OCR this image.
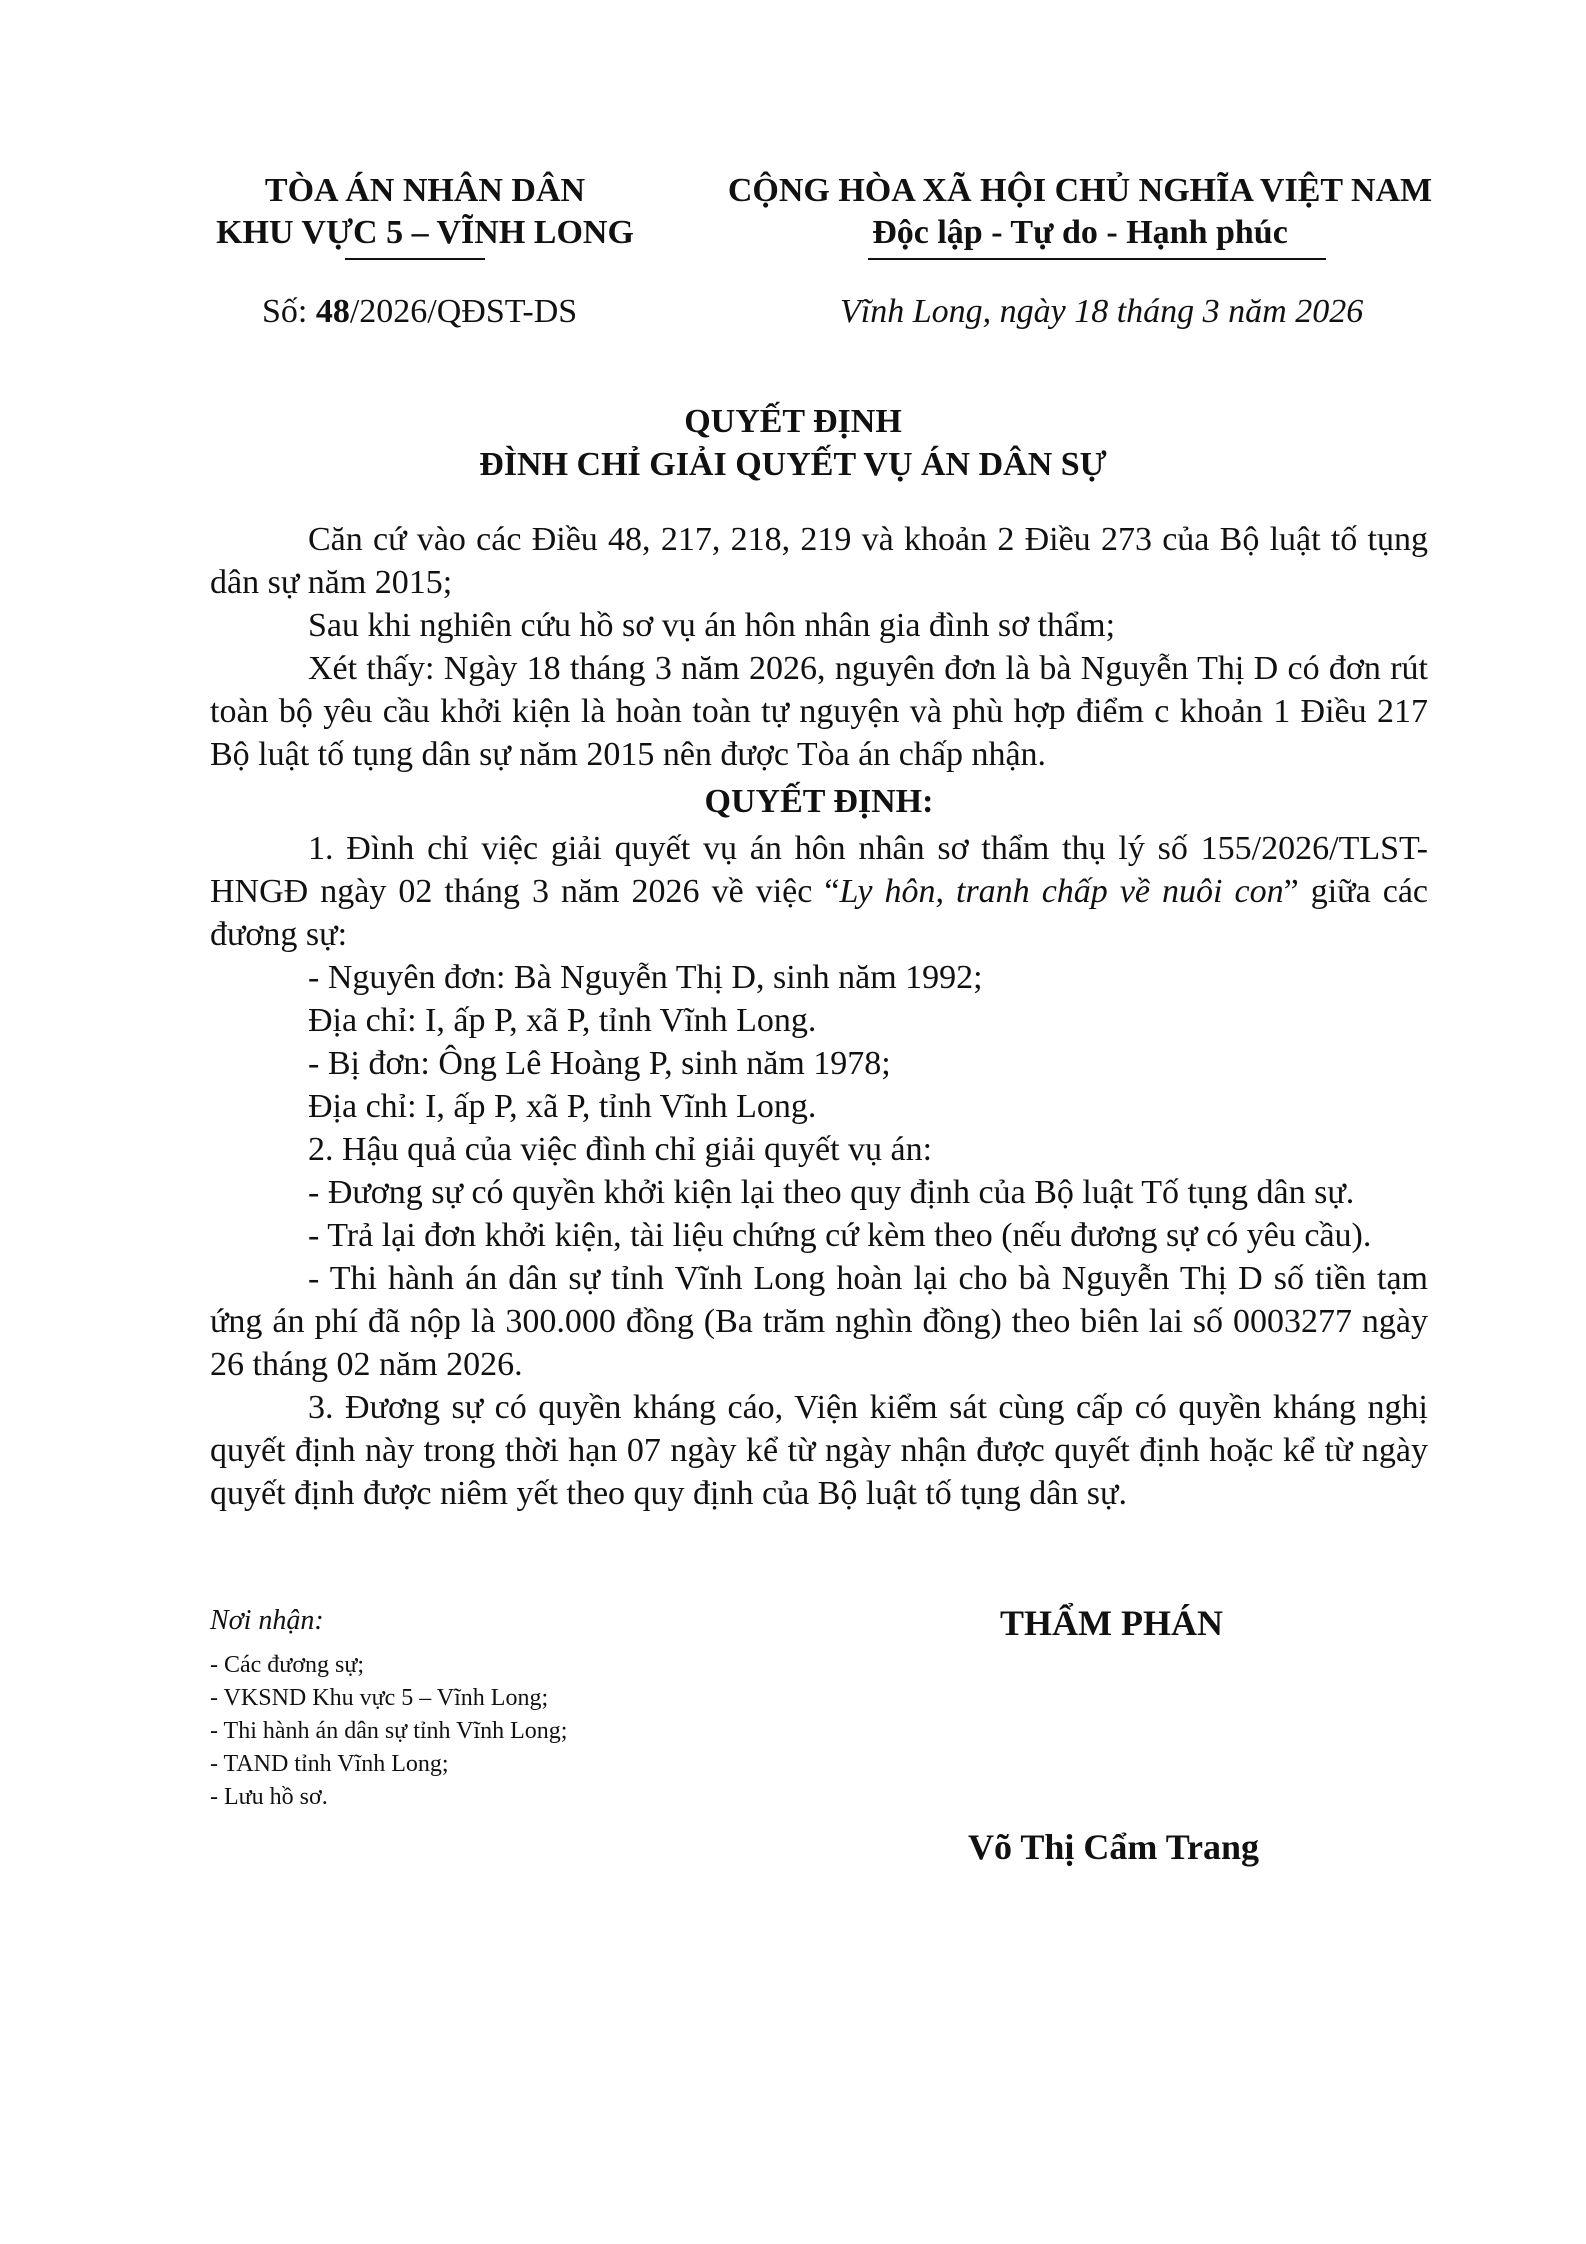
TÒA ÁN NHÂN DÂN
KHU VỰC 5 – VĨNH LONG
CỘNG HÒA XÃ HỘI CHỦ NGHĨA VIỆT NAM
Độc lập - Tự do - Hạnh phúc
Số: 48/2026/QĐST-DS	Vĩnh Long, ngày 18 tháng 3 năm 2026
QUYẾT ĐỊNH
ĐÌNH CHỈ GIẢI QUYẾT VỤ ÁN DÂN SỰ

Căn cứ vào các Điều 48, 217, 218, 219 và khoản 2 Điều 273 của Bộ luật tố tụng dân sự năm 2015;

Sau khi nghiên cứu hồ sơ vụ án hôn nhân gia đình sơ thẩm;

Xét thấy: Ngày 18 tháng 3 năm 2026, nguyên đơn là bà Nguyễn Thị D có đơn rút toàn bộ yêu cầu khởi kiện là hoàn toàn tự nguyện và phù hợp điểm c khoản 1 Điều 217 Bộ luật tố tụng dân sự năm 2015 nên được Tòa án chấp nhận.

QUYẾT ĐỊNH:

1. Đình chỉ việc giải quyết vụ án hôn nhân sơ thẩm thụ lý số 155/2026/TLST-HNGĐ ngày 02 tháng 3 năm 2026 về việc “Ly hôn, tranh chấp về nuôi con” giữa các đương sự:

- Nguyên đơn: Bà Nguyễn Thị D, sinh năm 1992;

Địa chỉ: I, ấp P, xã P, tỉnh Vĩnh Long.

- Bị đơn: Ông Lê Hoàng P, sinh năm 1978;

Địa chỉ: I, ấp P, xã P, tỉnh Vĩnh Long.

2. Hậu quả của việc đình chỉ giải quyết vụ án:

- Đương sự có quyền khởi kiện lại theo quy định của Bộ luật Tố tụng dân sự.

- Trả lại đơn khởi kiện, tài liệu chứng cứ kèm theo (nếu đương sự có yêu cầu).

- Thi hành án dân sự tỉnh Vĩnh Long hoàn lại cho bà Nguyễn Thị D số tiền tạm ứng án phí đã nộp là 300.000 đồng (Ba trăm nghìn đồng) theo biên lai số 0003277 ngày 26 tháng 02 năm 2026.

3. Đương sự có quyền kháng cáo, Viện kiểm sát cùng cấp có quyền kháng nghị quyết định này trong thời hạn 07 ngày kể từ ngày nhận được quyết định hoặc kể từ ngày quyết định được niêm yết theo quy định của Bộ luật tố tụng dân sự.

Nơi nhận:
- Các đương sự;
- VKSND Khu vực 5 – Vĩnh Long;
- Thi hành án dân sự tỉnh Vĩnh Long;
- TAND tỉnh Vĩnh Long;
- Lưu hồ sơ.
THẨM PHÁN
Võ Thị Cẩm Trang
